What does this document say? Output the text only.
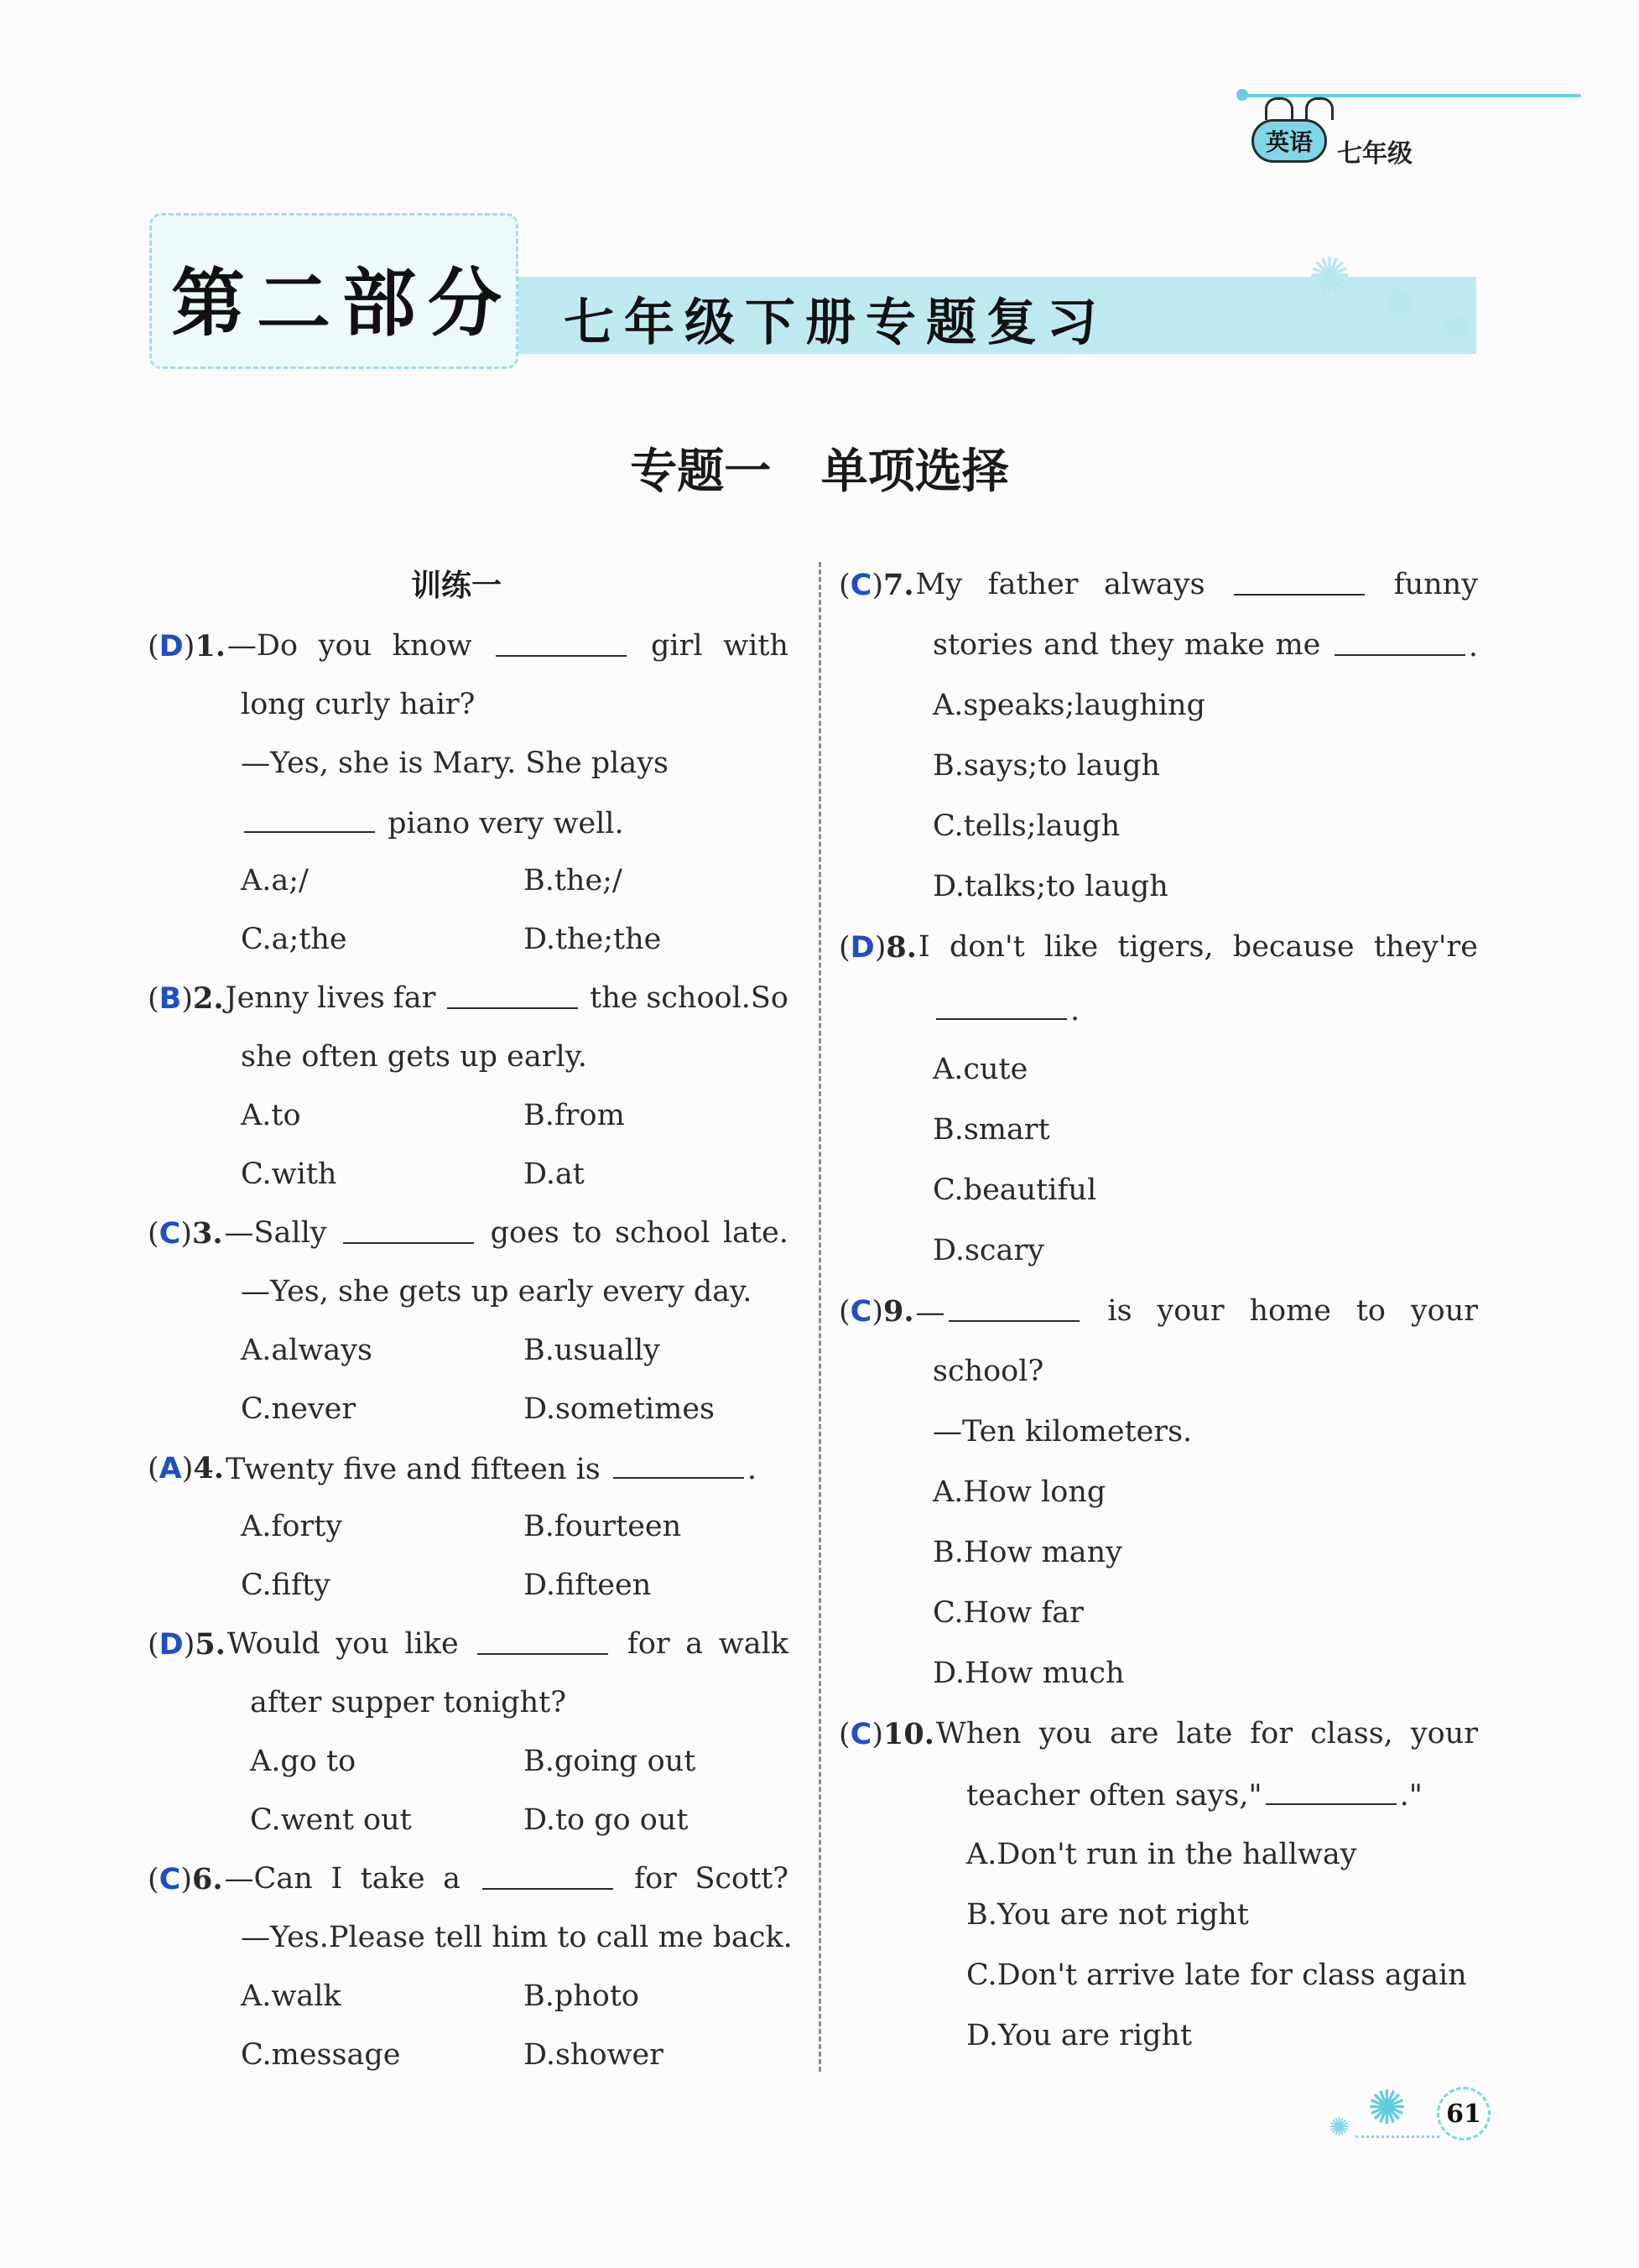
英语 七年级
✺ ✺
✺
第二部分 七年级下册专题复习
专题一 单项选择
训练一
(D)1. —Do you know	girl with
long curly hair?
—Yes, she is Mary. She plays
piano very well.
A.a;/	B.the;/
C.a;the	D.the;the
(B)2. Jenny lives far	the school.So
she often gets up early.
A.to	B.from
C.with	D.at
(C)3. —Sally	goes to school late.
—Yes, she gets up early every day.
A.always	B.usually
C.never	D.sometimes
(A)4. Twenty five and fifteen is	.
A.forty	B.fourteen
C.fifty	D.fifteen
(D)5. Would you like	for a walk
after supper tonight?
A.go to	B.going out
C.went out	D.to go out
(C)6. —Can I take a	for Scott?
—Yes.Please tell him to call me back.
A.walk	B.photo
C.message	D.shower
(C)7. My father always	funny
stories and they make me	.
A.speaks;laughing
B.says;to laugh
C.tells;laugh
D.talks;to laugh
(D)8. I don't like tigers, because they're
.
A.cute
B.smart
C.beautiful
D.scary
(C)9. —	is your home to your
school?
—Ten kilometers.
A.How long
B.How many
C.How far
D.How much
(C)10. When you are late for class, your
teacher often says,"	."
A.Don't run in the hallway
B.You are not right
C.Don't arrive late for class again
D.You are right
✺
✺	61
